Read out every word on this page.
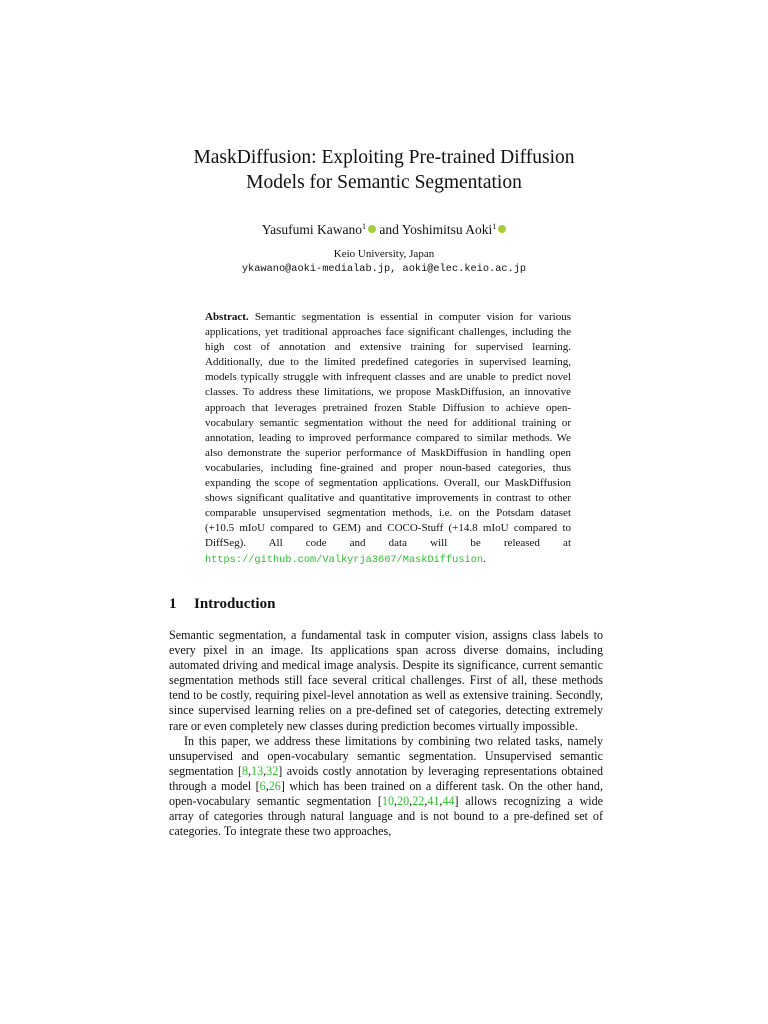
MaskDiffusion: Exploiting Pre-trained Diffusion
Models for Semantic Segmentation
Yasufumi Kawano$^1$ and Yoshimitsu Aoki$^1$
Keio University, Japan
ykawano@aoki-medialab.jp, aoki@elec.keio.ac.jp

Abstract. Semantic segmentation is essential in computer vision for various applications, yet traditional approaches face significant challenges, including the high cost of annotation and extensive training for supervised learning. Additionally, due to the limited predefined categories in supervised learning, models typically struggle with infrequent classes and are unable to predict novel classes. To address these limitations, we propose MaskDiffusion, an innovative approach that leverages pretrained frozen Stable Diffusion to achieve open-vocabulary semantic segmentation without the need for additional training or annotation, leading to improved performance compared to similar methods. We also demonstrate the superior performance of MaskDiffusion in handling open vocabularies, including fine-grained and proper noun-based categories, thus expanding the scope of segmentation applications. Overall, our MaskDiffusion shows significant qualitative and quantitative improvements in contrast to other comparable unsupervised segmentation methods, i.e. on the Potsdam dataset (+10.5 mIoU compared to GEM) and COCO-Stuff (+14.8 mIoU compared to DiffSeg). All code and data will be released at https://github.com/Valkyrja3607/MaskDiffusion.

1 Introduction

Semantic segmentation, a fundamental task in computer vision, assigns class labels to every pixel in an image. Its applications span across diverse domains, including automated driving and medical image analysis. Despite its significance, current semantic segmentation methods still face several critical challenges. First of all, these methods tend to be costly, requiring pixel-level annotation as well as extensive training. Secondly, since supervised learning relies on a pre-defined set of categories, detecting extremely rare or even completely new classes during prediction becomes virtually impossible.

In this paper, we address these limitations by combining two related tasks, namely unsupervised and open-vocabulary semantic segmentation. Unsupervised semantic segmentation [8,13,32] avoids costly annotation by leveraging representations obtained through a model [6,26] which has been trained on a different task. On the other hand, open-vocabulary semantic segmentation [10,20,22,41,44] allows recognizing a wide array of categories through natural language and is not bound to a pre-defined set of categories. To integrate these two approaches,
